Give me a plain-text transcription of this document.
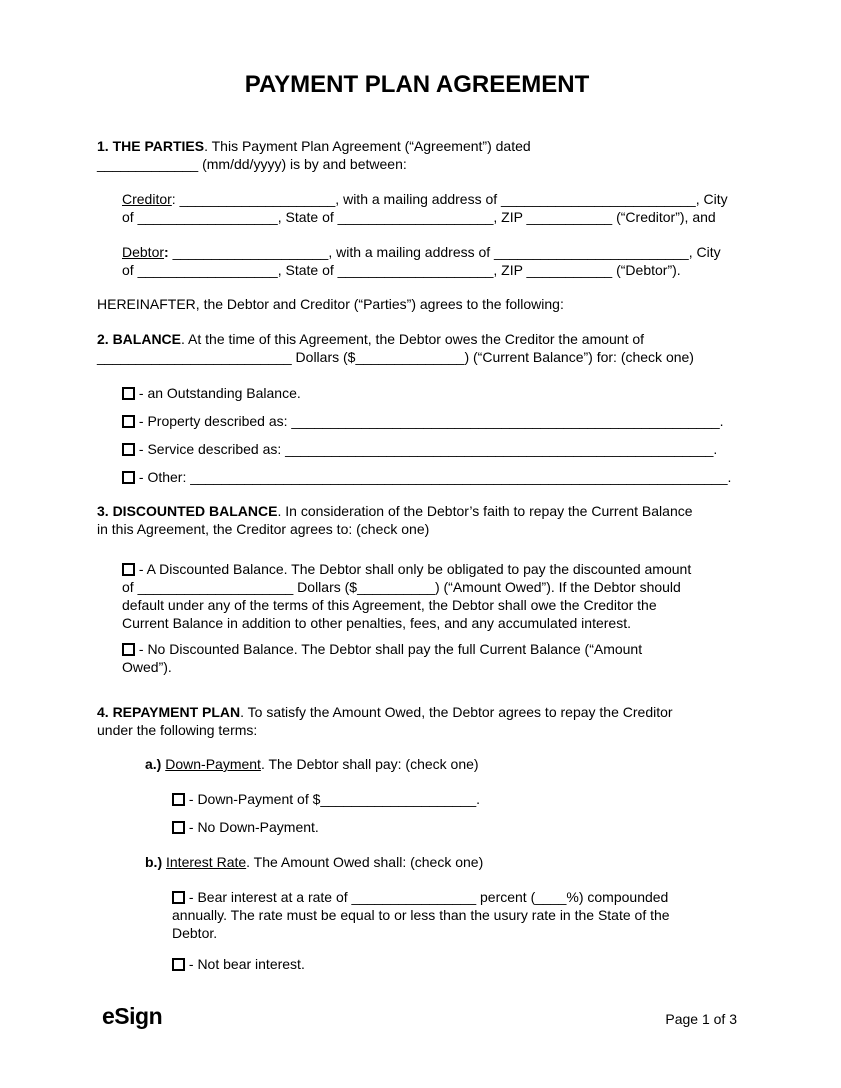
PAYMENT PLAN AGREEMENT
1. THE PARTIES. This Payment Plan Agreement (“Agreement”) dated
_____________ (mm/dd/yyyy) is by and between:
Creditor: ____________________, with a mailing address of _________________________, City
of __________________, State of ____________________, ZIP ___________ (“Creditor”), and
Debtor: ____________________, with a mailing address of _________________________, City
of __________________, State of ____________________, ZIP ___________ (“Debtor”).
HEREINAFTER, the Debtor and Creditor (“Parties”) agrees to the following:
2. BALANCE. At the time of this Agreement, the Debtor owes the Creditor the amount of
_________________________ Dollars ($______________) (“Current Balance”) for: (check one)
- an Outstanding Balance.
- Property described as: _______________________________________________________.
- Service described as: _______________________________________________________.
- Other: _____________________________________________________________________.
3. DISCOUNTED BALANCE. In consideration of the Debtor’s faith to repay the Current Balance
in this Agreement, the Creditor agrees to: (check one)
- A Discounted Balance. The Debtor shall only be obligated to pay the discounted amount
of ____________________ Dollars ($__________) (“Amount Owed”). If the Debtor should
default under any of the terms of this Agreement, the Debtor shall owe the Creditor the
Current Balance in addition to other penalties, fees, and any accumulated interest.
- No Discounted Balance. The Debtor shall pay the full Current Balance (“Amount
Owed”).
4. REPAYMENT PLAN. To satisfy the Amount Owed, the Debtor agrees to repay the Creditor
under the following terms:
a.) Down-Payment. The Debtor shall pay: (check one)
- Down-Payment of $____________________.
- No Down-Payment.
b.) Interest Rate. The Amount Owed shall: (check one)
- Bear interest at a rate of ________________ percent (____%) compounded
annually. The rate must be equal to or less than the usury rate in the State of the
Debtor.
- Not bear interest.
eSign	Page 1 of 3
